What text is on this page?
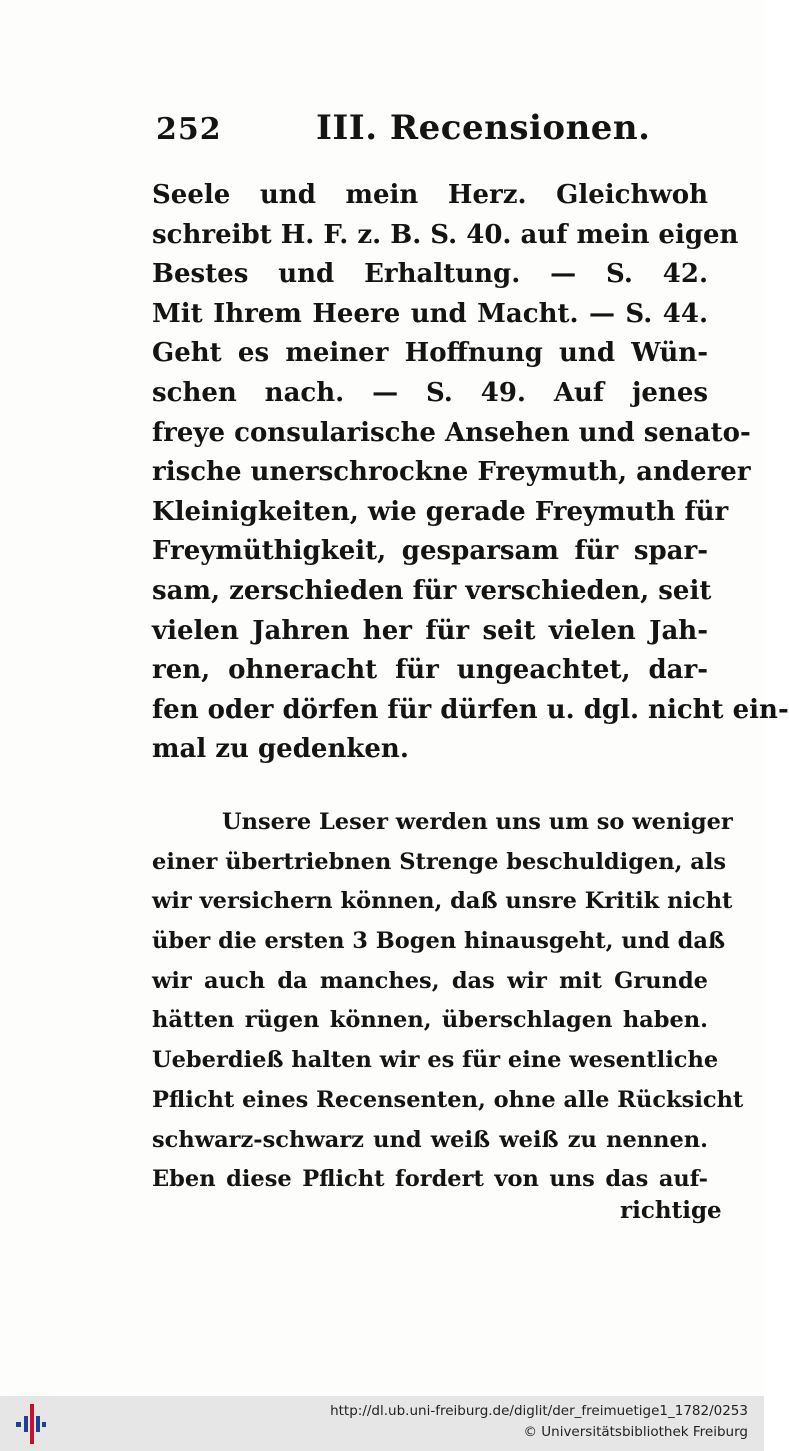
252	III. Recensionen.
Seele und mein Herz. Gleichwoh
schreibt H. F. z. B. S. 40. auf mein eigen
Bestes und Erhaltung. — S. 42.
Mit Ihrem Heere und Macht. — S. 44.
Geht es meiner Hoffnung und Wün-
schen nach. — S. 49. Auf jenes
freye consularische Ansehen und senato-
rische unerschrockne Freymuth, anderer
Kleinigkeiten, wie gerade Freymuth für
Freymüthigkeit, gesparsam für spar-
sam, zerschieden für verschieden, seit
vielen Jahren her für seit vielen Jah-
ren, ohneracht für ungeachtet, dar-
fen oder dörfen für dürfen u. dgl. nicht ein-
mal zu gedenken.
Unsere Leser werden uns um so weniger
einer übertriebnen Strenge beschuldigen, als
wir versichern können, daß unsre Kritik nicht
über die ersten 3 Bogen hinausgeht, und daß
wir auch da manches, das wir mit Grunde
hätten rügen können, überschlagen haben.
Ueberdieß halten wir es für eine wesentliche
Pflicht eines Recensenten, ohne alle Rücksicht
schwarz-schwarz und weiß weiß zu nennen.
Eben diese Pflicht fordert von uns das auf-
richtige
http://dl.ub.uni-freiburg.de/diglit/der_freimuetige1_1782/0253
© Universitätsbibliothek Freiburg
